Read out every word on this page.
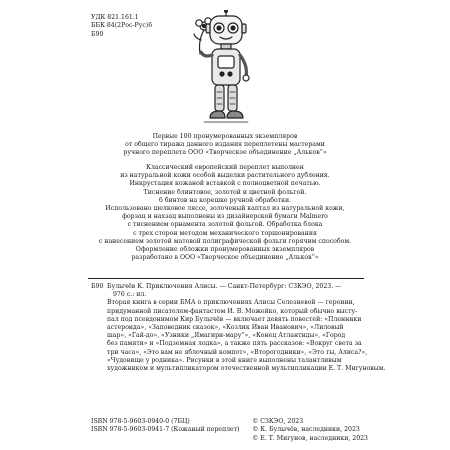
УДК 821.161.1
ББК 84(2Рос-Рус)6
Б90
Первые 100 пронумерованных экземпляров
от общего тиража данного издания переплетены мастерами
ручного переплета ООО «Творческое объединение „Альков“»
Классический европейский переплет выполнен
из натуральной кожи особой выделки растительного дубления.
Инкрустация кожаной вставкой с полноцветной печатью.
Тиснение блинтовое, золотой и цветной фольгой.
6 бинтов на корешке ручной обработки.
Использовано шелковое ляссе, золоченый каптал из натуральной кожи,
форзац и нахзац выполнены из дизайнерской бумаги Malmero
с тиснением орнамента золотой фольгой. Обработка блока
с трех сторон методом механического торшонирования
с нанесением золотой матовой полиграфической фольги горячим способом.
Оформление обложки пронумерованных экземпляров
разработано в ООО «Творческое объединение „Альков“»
Б90 Булычёв К. Приключения Алисы. — Санкт-Петербург: СЗКЭО, 2023. —
976 с.: ил.
Вторая книга в серии БМА о приключениях Алисы Селезневой — героини,
придуманной писателем-фантастом И. В. Можейко, который обычно высту-
пал под псевдонимом Кир Булычёв — включает девять повестей: «Пленники
астероида», «Заповедник сказок», «Козлик Иван Иванович», «Лиловый
шар», «Гай-до», «Узники „Ямагири-мару“», «Конец Атлантиды», «Город
без памяти» и «Подземная лодка», а также пять рассказов: «Вокруг света за
три часа», «Это вам не яблочный компот», «Второгодники», «Это ты, Алиса?»,
«Чудовище у родника». Рисунки в этой книге выполнены талантливым
художником и мультипликатором отечественной мультипликации Е. Т. Мигуновым.
ISBN 978-5-9603-0940-0 (7БЦ)
ISBN 978-5-9603-0941-7 (Кожаный переплет)
© СЗКЭО, 2023
© К. Булычёв, наследники, 2023
© Е. Т. Мигунов, наследники, 2023
